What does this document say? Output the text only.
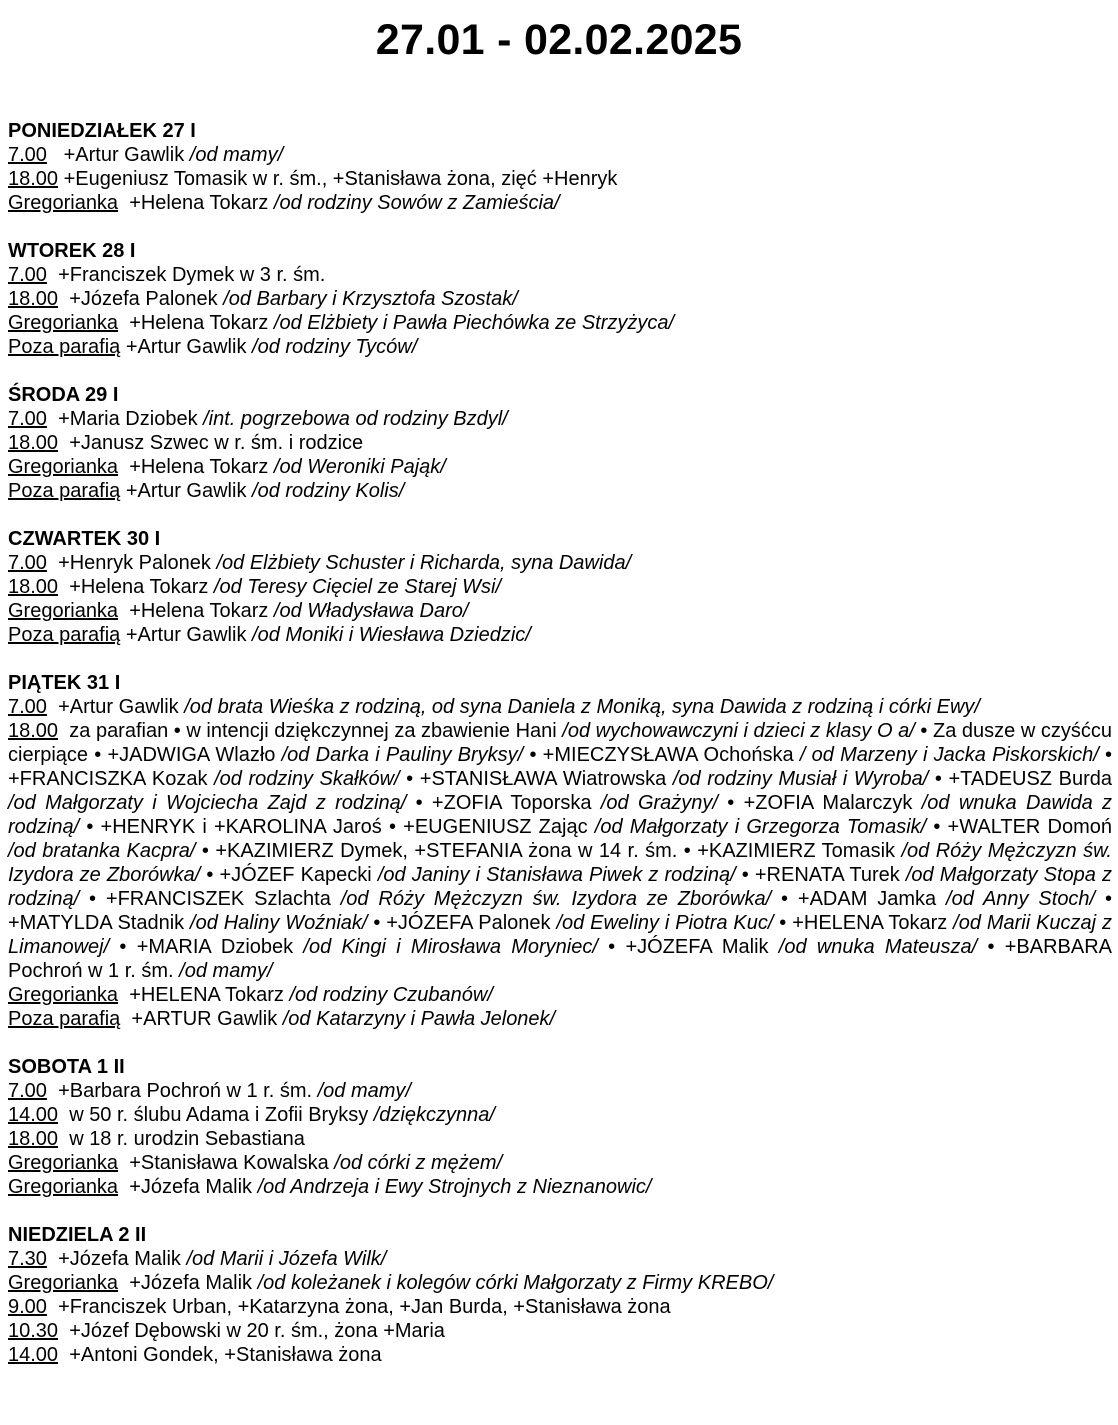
27.01 - 02.02.2025
PONIEDZIAŁEK 27 I
7.00 +Artur Gawlik /od mamy/
18.00 +Eugeniusz Tomasik w r. śm., +Stanisława żona, zięć +Henryk
Gregorianka +Helena Tokarz /od rodziny Sowów z Zamieścia/
WTOREK 28 I
7.00 +Franciszek Dymek w 3 r. śm.
18.00 +Józefa Palonek /od Barbary i Krzysztofa Szostak/
Gregorianka +Helena Tokarz /od Elżbiety i Pawła Piechówka ze Strzyżyca/
Poza parafią +Artur Gawlik /od rodziny Tyców/
ŚRODA 29 I
7.00 +Maria Dziobek /int. pogrzebowa od rodziny Bzdyl/
18.00 +Janusz Szwec w r. śm. i rodzice
Gregorianka +Helena Tokarz /od Weroniki Pająk/
Poza parafią +Artur Gawlik /od rodziny Kolis/
CZWARTEK 30 I
7.00 +Henryk Palonek /od Elżbiety Schuster i Richarda, syna Dawida/
18.00 +Helena Tokarz /od Teresy Cięciel ze Starej Wsi/
Gregorianka +Helena Tokarz /od Władysława Daro/
Poza parafią +Artur Gawlik /od Moniki i Wiesława Dziedzic/
PIĄTEK 31 I
7.00 +Artur Gawlik /od brata Wieśka z rodziną, od syna Daniela z Moniką, syna Dawida z rodziną i córki Ewy/
18.00 za parafian • w intencji dziękczynnej za zbawienie Hani /od wychowawczyni i dzieci z klasy O a/ • Za dusze w czyśćcu cierpiące • +JADWIGA Wlazło /od Darka i Pauliny Bryksy/ • +MIECZYSŁAWA Ochońska / od Marzeny i Jacka Piskorskich/ • +FRANCISZKA Kozak /od rodziny Skałków/ • +STANISŁAWA Wiatrowska /od rodziny Musiał i Wyroba/ • +TADEUSZ Burda /od Małgorzaty i Wojciecha Zajd z rodziną/ • +ZOFIA Toporska /od Grażyny/ • +ZOFIA Malarczyk /od wnuka Dawida z rodziną/ • +HENRYK i +KAROLINA Jaroś • +EUGENIUSZ Zając /od Małgorzaty i Grzegorza Tomasik/ • +WALTER Domoń /od bratanka Kacpra/ • +KAZIMIERZ Dymek, +STEFANIA żona w 14 r. śm. • +KAZIMIERZ Tomasik /od Róży Mężczyzn św. Izydora ze Zborówka/ • +JÓZEF Kapecki /od Janiny i Stanisława Piwek z rodziną/ • +RENATA Turek /od Małgorzaty Stopa z rodziną/ • +FRANCISZEK Szlachta /od Róży Mężczyzn św. Izydora ze Zborówka/ • +ADAM Jamka /od Anny Stoch/ • +MATYLDA Stadnik /od Haliny Woźniak/ • +JÓZEFA Palonek /od Eweliny i Piotra Kuc/ • +HELENA Tokarz /od Marii Kuczaj z Limanowej/ • +MARIA Dziobek /od Kingi i Mirosława Moryniec/ • +JÓZEFA Malik /od wnuka Mateusza/ • +BARBARA Pochroń w 1 r. śm. /od mamy/
Gregorianka +HELENA Tokarz /od rodziny Czubanów/
Poza parafią +ARTUR Gawlik /od Katarzyny i Pawła Jelonek/
SOBOTA 1 II
7.00 +Barbara Pochroń w 1 r. śm. /od mamy/
14.00 w 50 r. ślubu Adama i Zofii Bryksy /dziękczynna/
18.00 w 18 r. urodzin Sebastiana
Gregorianka +Stanisława Kowalska /od córki z mężem/
Gregorianka +Józefa Malik /od Andrzeja i Ewy Strojnych z Nieznanowic/
NIEDZIELA 2 II
7.30 +Józefa Malik /od Marii i Józefa Wilk/
Gregorianka +Józefa Malik /od koleżanek i kolegów córki Małgorzaty z Firmy KREBO/
9.00 +Franciszek Urban, +Katarzyna żona, +Jan Burda, +Stanisława żona
10.30 +Józef Dębowski w 20 r. śm., żona +Maria
14.00 +Antoni Gondek, +Stanisława żona
